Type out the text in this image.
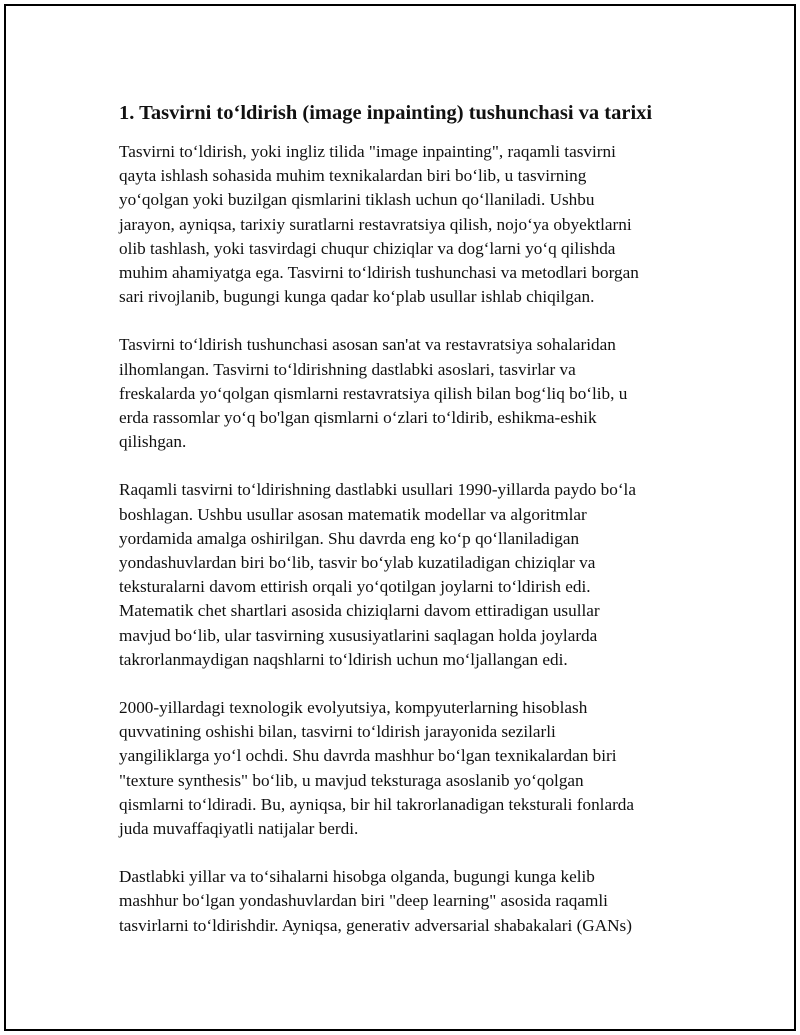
1. Tasvirni to‘ldirish (image inpainting) tushunchasi va tarixi

Tasvirni to‘ldirish, yoki ingliz tilida "image inpainting", raqamli tasvirni
qayta ishlash sohasida muhim texnikalardan biri bo‘lib, u tasvirning
yo‘qolgan yoki buzilgan qismlarini tiklash uchun qo‘llaniladi. Ushbu
jarayon, ayniqsa, tarixiy suratlarni restavratsiya qilish, nojo‘ya obyektlarni
olib tashlash, yoki tasvirdagi chuqur chiziqlar va dog‘larni yo‘q qilishda
muhim ahamiyatga ega. Tasvirni to‘ldirish tushunchasi va metodlari borgan
sari rivojlanib, bugungi kunga qadar ko‘plab usullar ishlab chiqilgan.

Tasvirni to‘ldirish tushunchasi asosan san'at va restavratsiya sohalaridan
ilhomlangan. Tasvirni to‘ldirishning dastlabki asoslari, tasvirlar va
freskalarda yo‘qolgan qismlarni restavratsiya qilish bilan bog‘liq bo‘lib, u
erda rassomlar yo‘q bo'lgan qismlarni o‘zlari to‘ldirib, eshikma-eshik
qilishgan.

Raqamli tasvirni to‘ldirishning dastlabki usullari 1990-yillarda paydo bo‘la
boshlagan. Ushbu usullar asosan matematik modellar va algoritmlar
yordamida amalga oshirilgan. Shu davrda eng ko‘p qo‘llaniladigan
yondashuvlardan biri bo‘lib, tasvir bo‘ylab kuzatiladigan chiziqlar va
teksturalarni davom ettirish orqali yo‘qotilgan joylarni to‘ldirish edi.
Matematik chet shartlari asosida chiziqlarni davom ettiradigan usullar
mavjud bo‘lib, ular tasvirning xususiyatlarini saqlagan holda joylarda
takrorlanmaydigan naqshlarni to‘ldirish uchun mo‘ljallangan edi.

2000-yillardagi texnologik evolyutsiya, kompyuterlarning hisoblash
quvvatining oshishi bilan, tasvirni to‘ldirish jarayonida sezilarli
yangiliklarga yo‘l ochdi. Shu davrda mashhur bo‘lgan texnikalardan biri
"texture synthesis" bo‘lib, u mavjud teksturaga asoslanib yo‘qolgan
qismlarni to‘ldiradi. Bu, ayniqsa, bir hil takrorlanadigan teksturali fonlarda
juda muvaffaqiyatli natijalar berdi.

Dastlabki yillar va to‘sihalarni hisobga olganda, bugungi kunga kelib
mashhur bo‘lgan yondashuvlardan biri "deep learning" asosida raqamli
tasvirlarni to‘ldirishdir. Ayniqsa, generativ adversarial shabakalari (GANs)
